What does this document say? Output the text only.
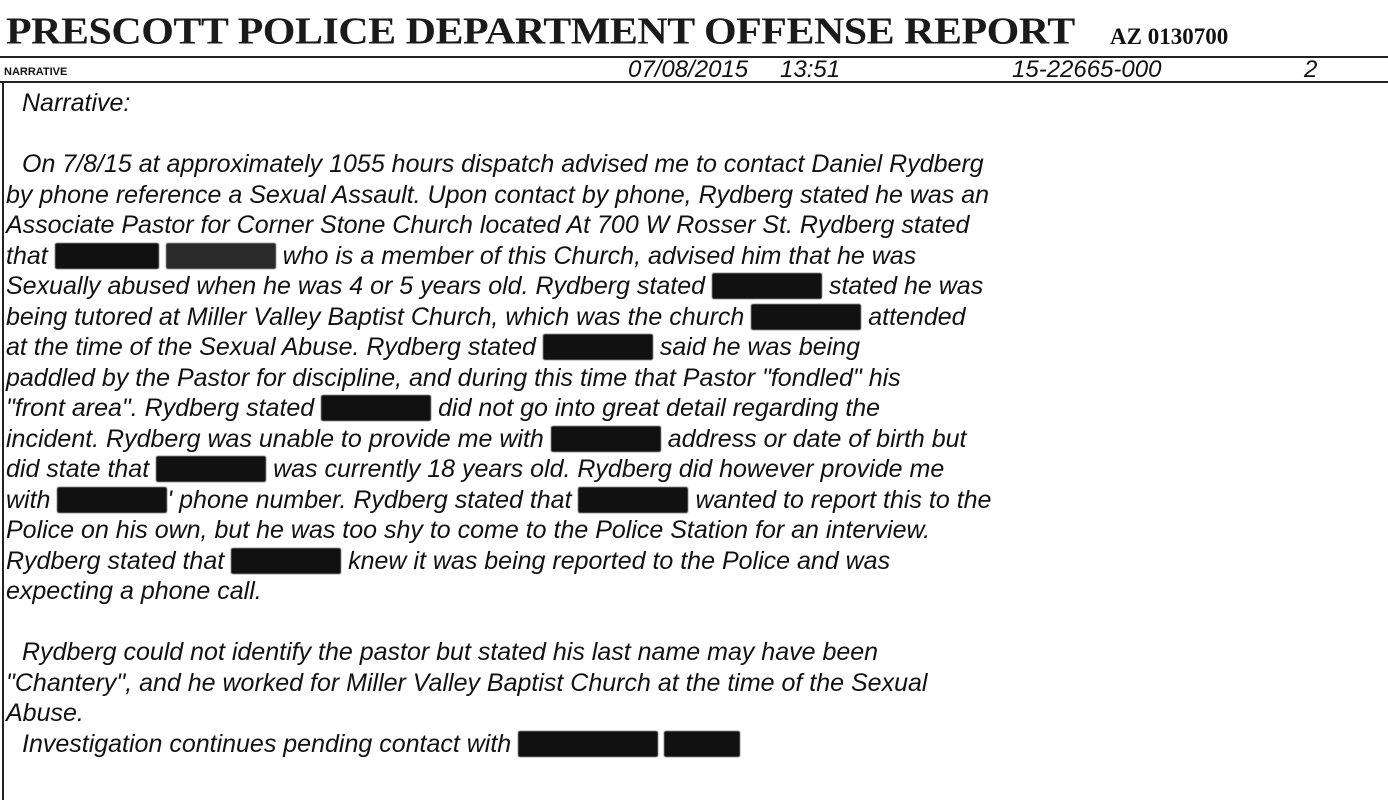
PRESCOTT POLICE DEPARTMENT OFFENSE REPORT AZ 0130700
NARRATIVE	07/08/2015 13:51	15-22665-000	2
Narrative:
On 7/8/15 at approximately 1055 hours dispatch advised me to contact Daniel Rydberg
by phone reference a Sexual Assault. Upon contact by phone, Rydberg stated he was an
Associate Pastor for Corner Stone Church located At 700 W Rosser St. Rydberg stated
that	who is a member of this Church, advised him that he was
Sexually abused when he was 4 or 5 years old. Rydberg stated	stated he was
being tutored at Miller Valley Baptist Church, which was the church	attended
at the time of the Sexual Abuse. Rydberg stated	said he was being
paddled by the Pastor for discipline, and during this time that Pastor "fondled" his
"front area". Rydberg stated	did not go into great detail regarding the
incident. Rydberg was unable to provide me with	address or date of birth but
did state that	was currently 18 years old. Rydberg did however provide me
with	' phone number. Rydberg stated that	wanted to report this to the
Police on his own, but he was too shy to come to the Police Station for an interview.
Rydberg stated that	knew it was being reported to the Police and was
expecting a phone call.
Rydberg could not identify the pastor but stated his last name may have been
"Chantery", and he worked for Miller Valley Baptist Church at the time of the Sexual
Abuse.
Investigation continues pending contact with
